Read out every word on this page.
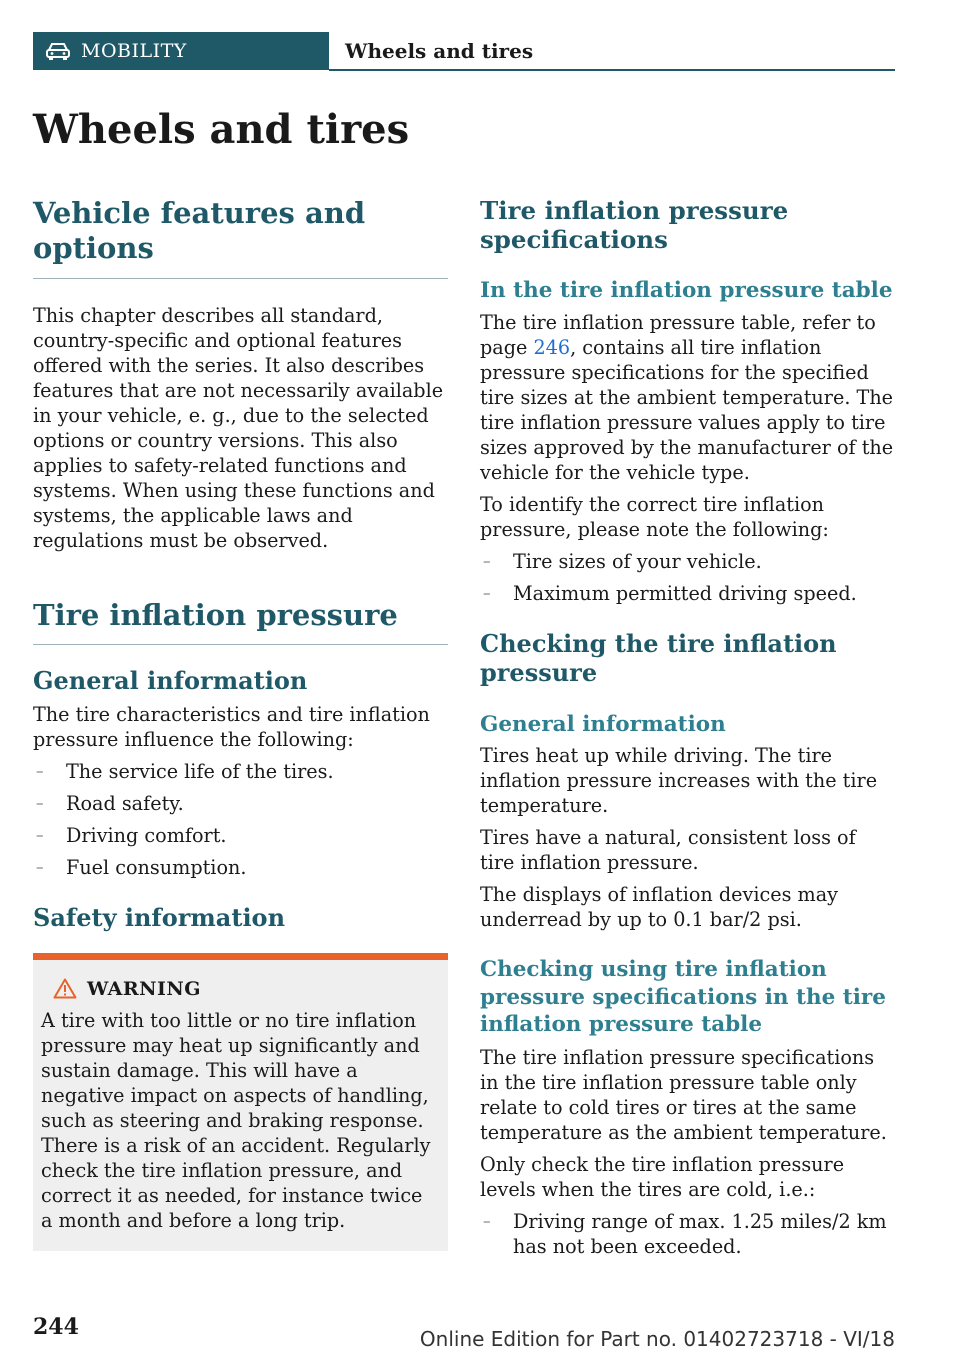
MOBILITY	Wheels and tires
Wheels and tires
Vehicle features and options

This chapter describes all standard, country-specific and optional features offered with the series. It also describes features that are not necessarily available in your vehicle, e. g., due to the selected options or country versions. This also applies to safety-related functions and systems. When using these functions and systems, the applicable laws and regulations must be observed.

Tire inflation pressure
General information

The tire characteristics and tire inflation pressure influence the following:

– The service life of the tires.
– Road safety.
– Driving comfort.
– Fuel consumption.
Safety information
WARNING

A tire with too little or no tire inflation pressure may heat up significantly and sustain damage. This will have a negative impact on aspects of handling, such as steering and braking response. There is a risk of an accident. Regularly check the tire inflation pressure, and correct it as needed, for instance twice a month and before a long trip.

Tire inflation pressure specifications
In the tire inflation pressure table

The tire inflation pressure table, refer to page 246, contains all tire inflation pressure specifications for the specified tire sizes at the ambient temperature. The tire inflation pressure values apply to tire sizes approved by the manufacturer of the vehicle for the vehicle type.

To identify the correct tire inflation pressure, please note the following:

– Tire sizes of your vehicle.
– Maximum permitted driving speed.
Checking the tire inflation pressure
General information

Tires heat up while driving. The tire inflation pressure increases with the tire temperature.

Tires have a natural, consistent loss of tire inflation pressure.

The displays of inflation devices may underread by up to 0.1 bar/2 psi.

Checking using tire inflation pressure specifications in the tire inflation pressure table

The tire inflation pressure specifications in the tire inflation pressure table only relate to cold tires or tires at the same temperature as the ambient temperature.

Only check the tire inflation pressure levels when the tires are cold, i.e.:

– Driving range of max. 1.25 miles/2 km has not been exceeded.
244	Online Edition for Part no. 01402723718 - VI/18
